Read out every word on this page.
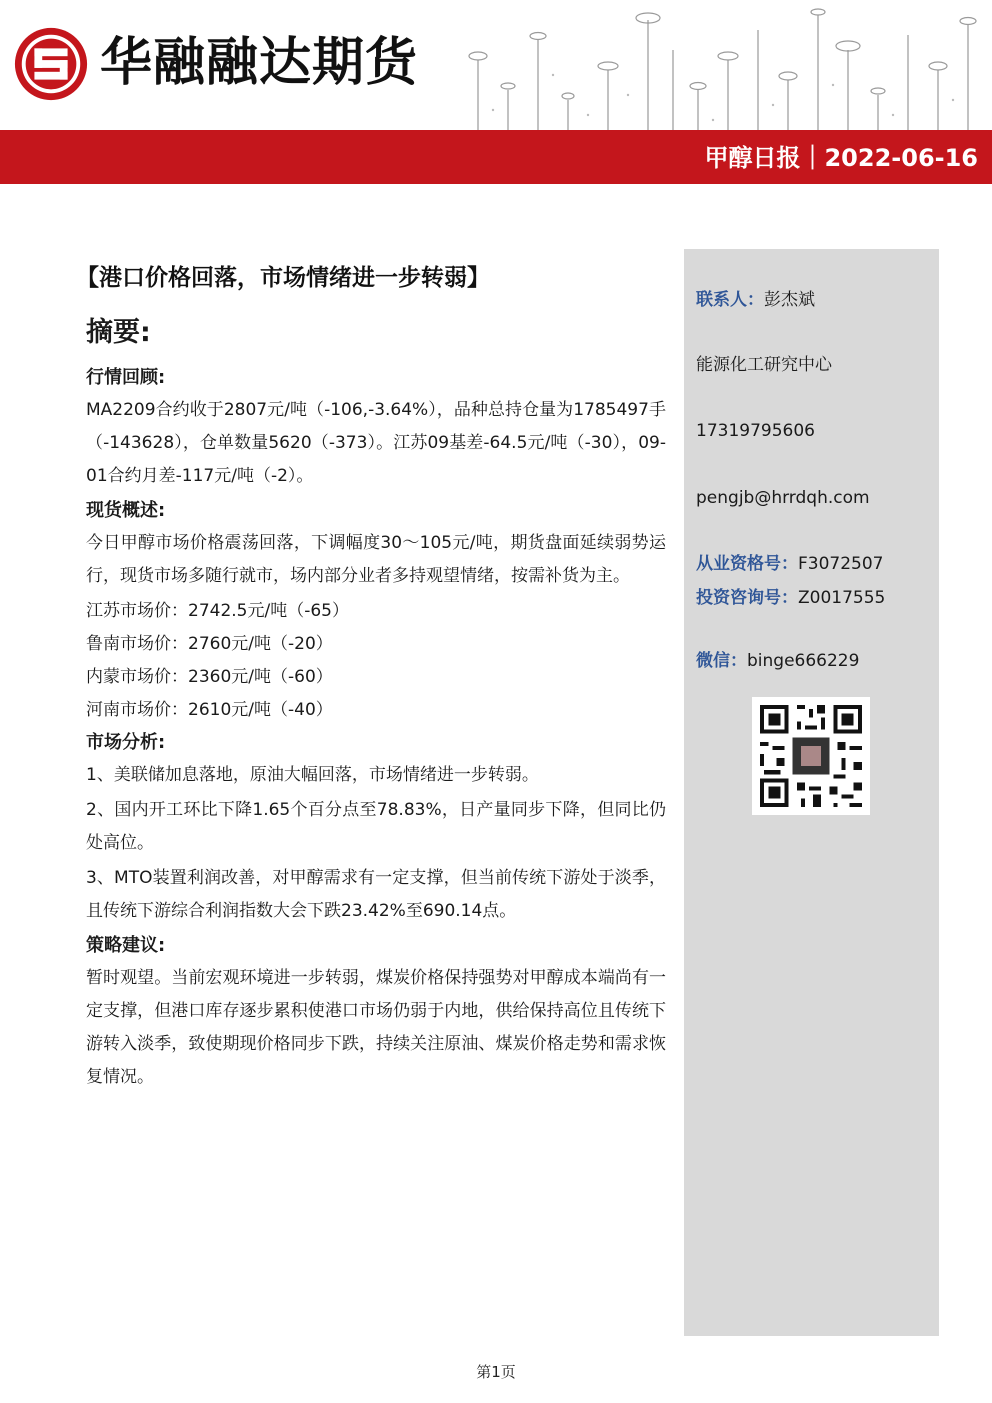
华融融达期货
甲醇日报｜2022-06-16
【港口价格回落，市场情绪进一步转弱】
摘要:
行情回顾:

MA2209合约收于2807元/吨（-106,-3.64%），品种总持仓量为1785497手（-143628），仓单数量5620（-373）。江苏09基差-64.5元/吨（-30），09-01合约月差-117元/吨（-2）。

现货概述:

今日甲醇市场价格震荡回落，下调幅度30～105元/吨，期货盘面延续弱势运行，现货市场多随行就市，场内部分业者多持观望情绪，按需补货为主。

江苏市场价：2742.5元/吨（-65）

鲁南市场价：2760元/吨（-20）

内蒙市场价：2360元/吨（-60）

河南市场价：2610元/吨（-40）

市场分析:

1、美联储加息落地，原油大幅回落，市场情绪进一步转弱。

2、国内开工环比下降1.65个百分点至78.83%，日产量同步下降，但同比仍处高位。

3、MTO装置利润改善，对甲醇需求有一定支撑，但当前传统下游处于淡季，且传统下游综合利润指数大会下跌23.42%至690.14点。

策略建议:

暂时观望。当前宏观环境进一步转弱，煤炭价格保持强势对甲醇成本端尚有一定支撑，但港口库存逐步累积使港口市场仍弱于内地，供给保持高位且传统下游转入淡季，致使期现价格同步下跌，持续关注原油、煤炭价格走势和需求恢复情况。

联系人：彭杰斌
能源化工研究中心
17319795606
pengjb@hrrdqh.com
从业资格号：F3072507
投资咨询号：Z0017555
微信：binge666229
第1页
